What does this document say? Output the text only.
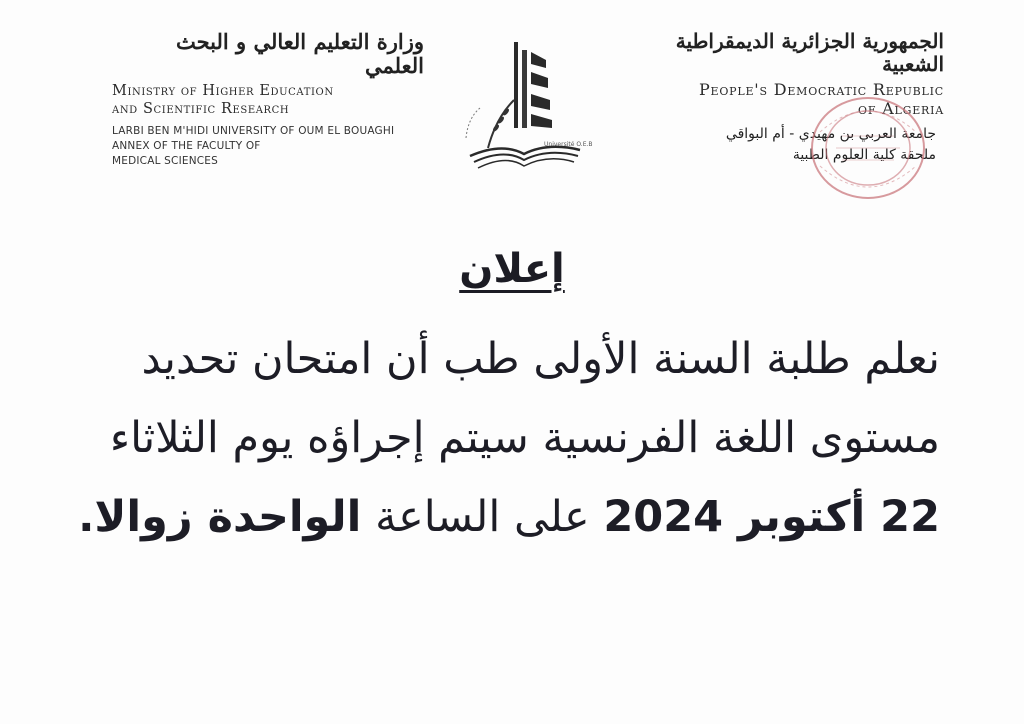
وزارة التعليم العالي و البحث العلمي
Ministry of Higher Education
and Scientific Research
LARBI BEN M'HIDI UNIVERSITY OF OUM EL BOUAGHI
ANNEX OF THE FACULTY OF
MEDICAL SCIENCES
Université O.E.B
الجمهورية الجزائرية الديمقراطية الشعبية
People's Democratic Republic
of Algeria
جامعة العربي بن مهيدي - أم البواقي
ملحقة كلية العلوم الطبية
إعلان
نعلم طلبة السنة الأولى طب أن امتحان تحديد
مستوى اللغة الفرنسية سيتم إجراؤه يوم الثلاثاء
22 أكتوبر 2024 على الساعة الواحدة زوالا.
